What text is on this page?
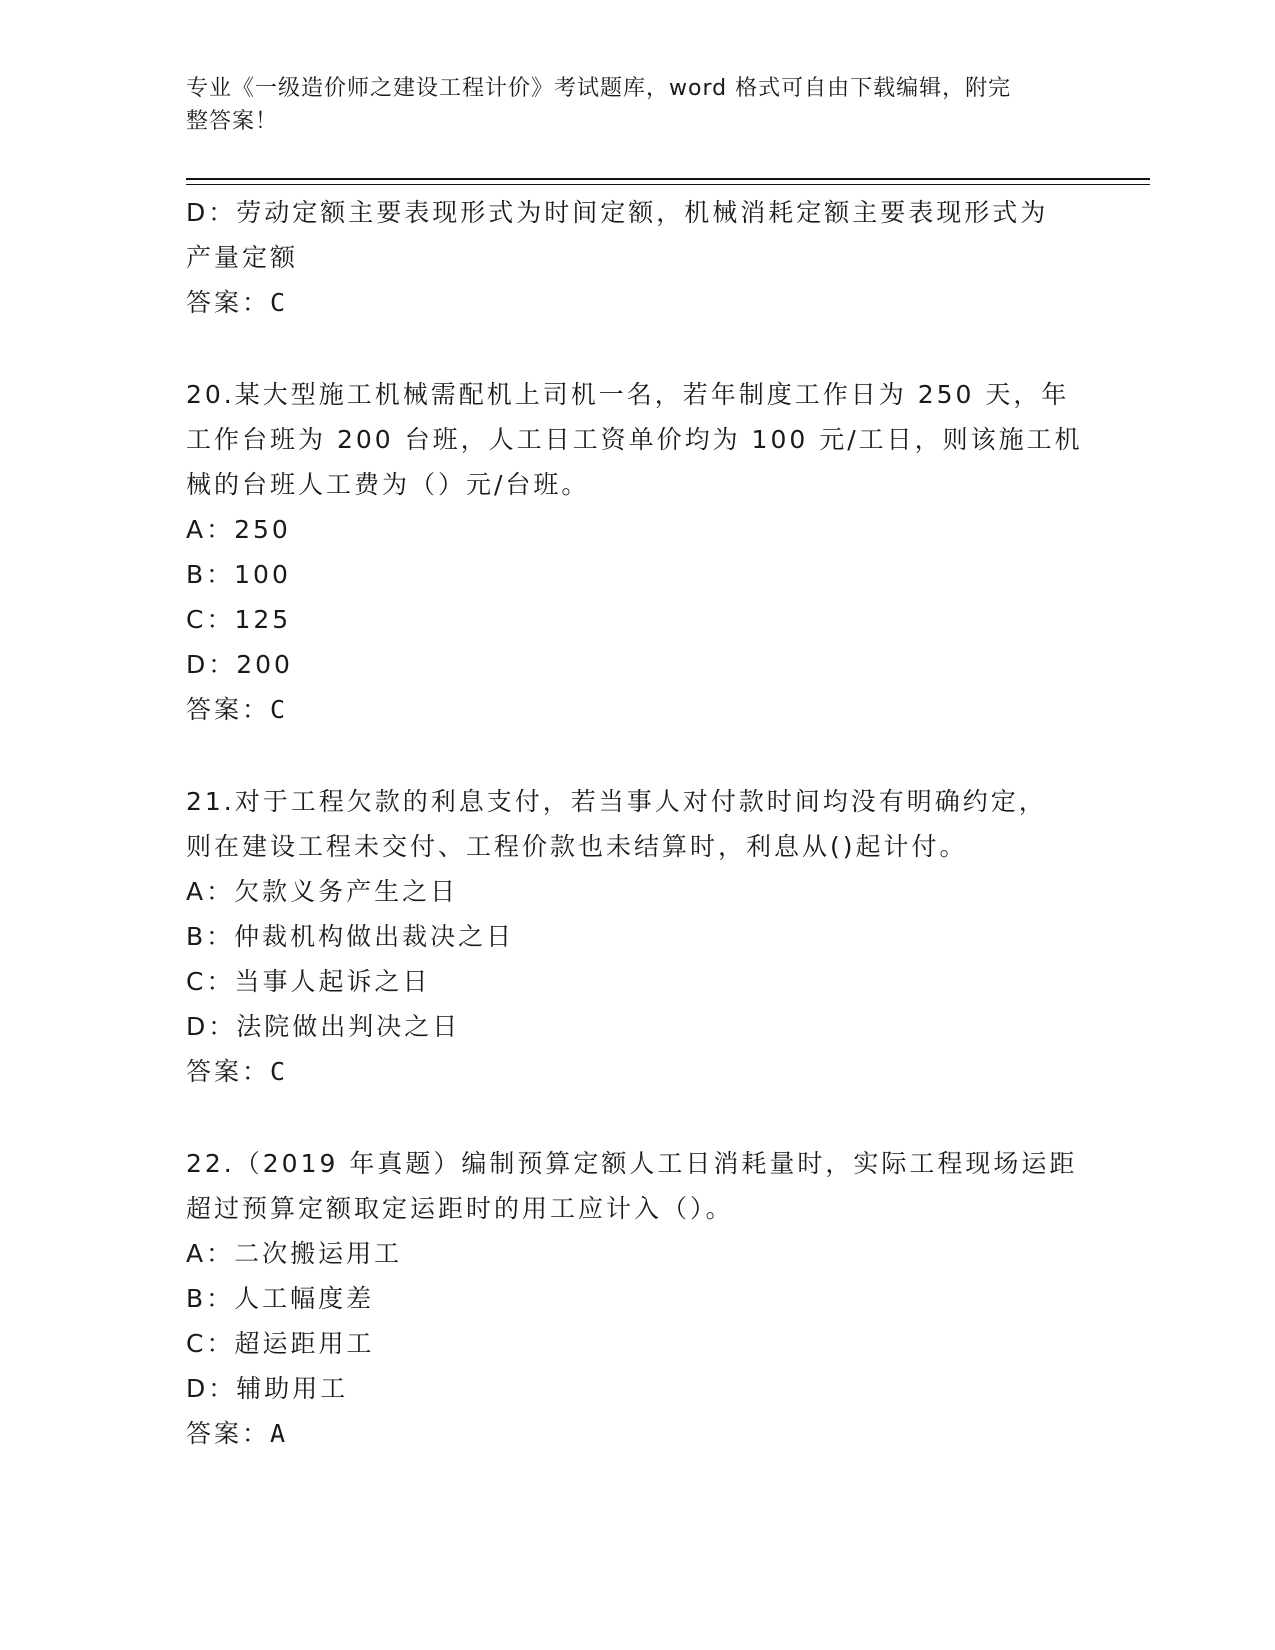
专业《一级造价师之建设工程计价》考试题库，word 格式可自由下载编辑，附完
整答案！
D：劳动定额主要表现形式为时间定额，机械消耗定额主要表现形式为
产量定额
答案：C
20.某大型施工机械需配机上司机一名，若年制度工作日为 250 天，年
工作台班为 200 台班，人工日工资单价均为 100 元/工日，则该施工机
械的台班人工费为（）元/台班。
A：250
B：100
C：125
D：200
答案：C
21.对于工程欠款的利息支付，若当事人对付款时间均没有明确约定，
则在建设工程未交付、工程价款也未结算时，利息从()起计付。
A：欠款义务产生之日
B：仲裁机构做出裁决之日
C：当事人起诉之日
D：法院做出判决之日
答案：C
22.（2019 年真题）编制预算定额人工日消耗量时，实际工程现场运距
超过预算定额取定运距时的用工应计入（）。
A：二次搬运用工
B：人工幅度差
C：超运距用工
D：辅助用工
答案：A
